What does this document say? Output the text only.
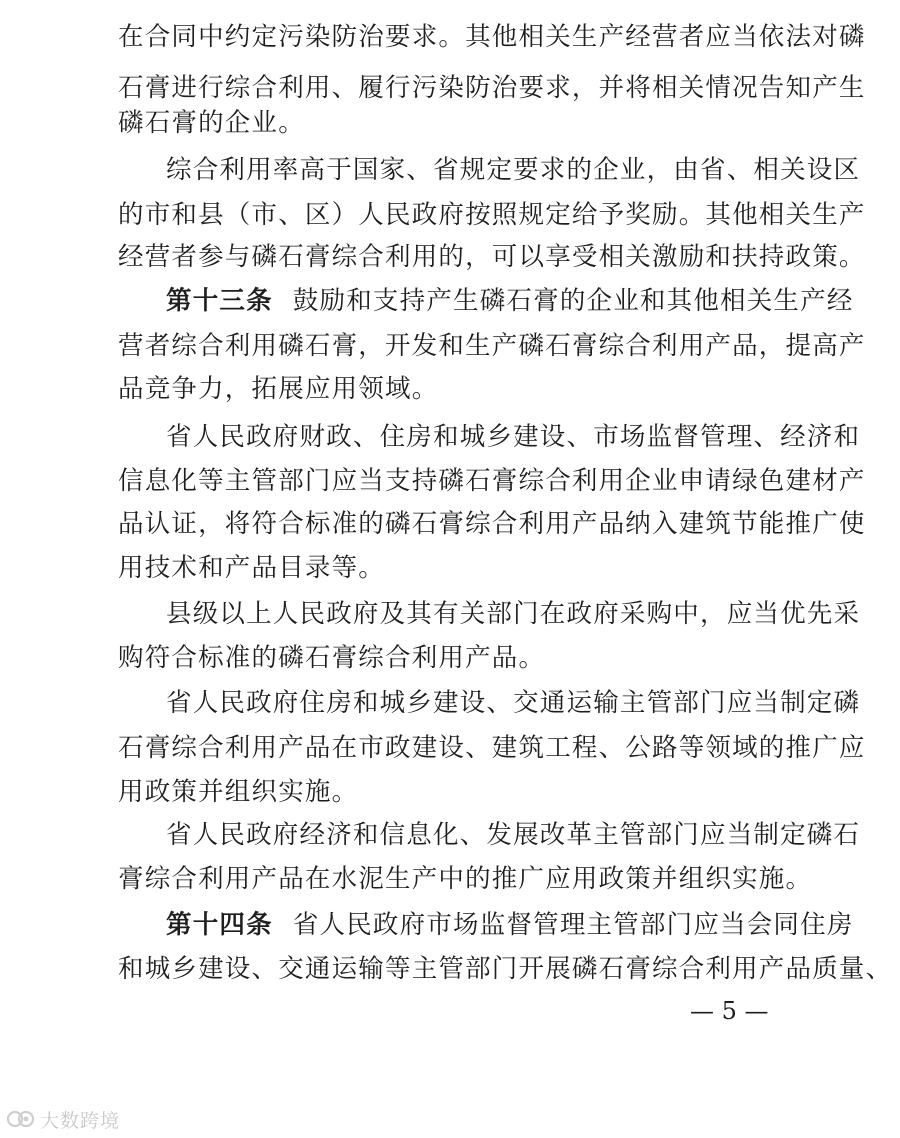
在合同中约定污染防治要求。其他相关生产经营者应当依法对磷
石膏进行综合利用、履行污染防治要求，并将相关情况告知产生
磷石膏的企业。
综合利用率高于国家、省规定要求的企业，由省、相关设区
的市和县（市、区）人民政府按照规定给予奖励。其他相关生产
经营者参与磷石膏综合利用的，可以享受相关激励和扶持政策。
第十三条 鼓励和支持产生磷石膏的企业和其他相关生产经
营者综合利用磷石膏，开发和生产磷石膏综合利用产品，提高产
品竞争力，拓展应用领域。
省人民政府财政、住房和城乡建设、市场监督管理、经济和
信息化等主管部门应当支持磷石膏综合利用企业申请绿色建材产
品认证，将符合标准的磷石膏综合利用产品纳入建筑节能推广使
用技术和产品目录等。
县级以上人民政府及其有关部门在政府采购中，应当优先采
购符合标准的磷石膏综合利用产品。
省人民政府住房和城乡建设、交通运输主管部门应当制定磷
石膏综合利用产品在市政建设、建筑工程、公路等领域的推广应
用政策并组织实施。
省人民政府经济和信息化、发展改革主管部门应当制定磷石
膏综合利用产品在水泥生产中的推广应用政策并组织实施。
第十四条 省人民政府市场监督管理主管部门应当会同住房
和城乡建设、交通运输等主管部门开展磷石膏综合利用产品质量、
— 5 —
大数跨境
